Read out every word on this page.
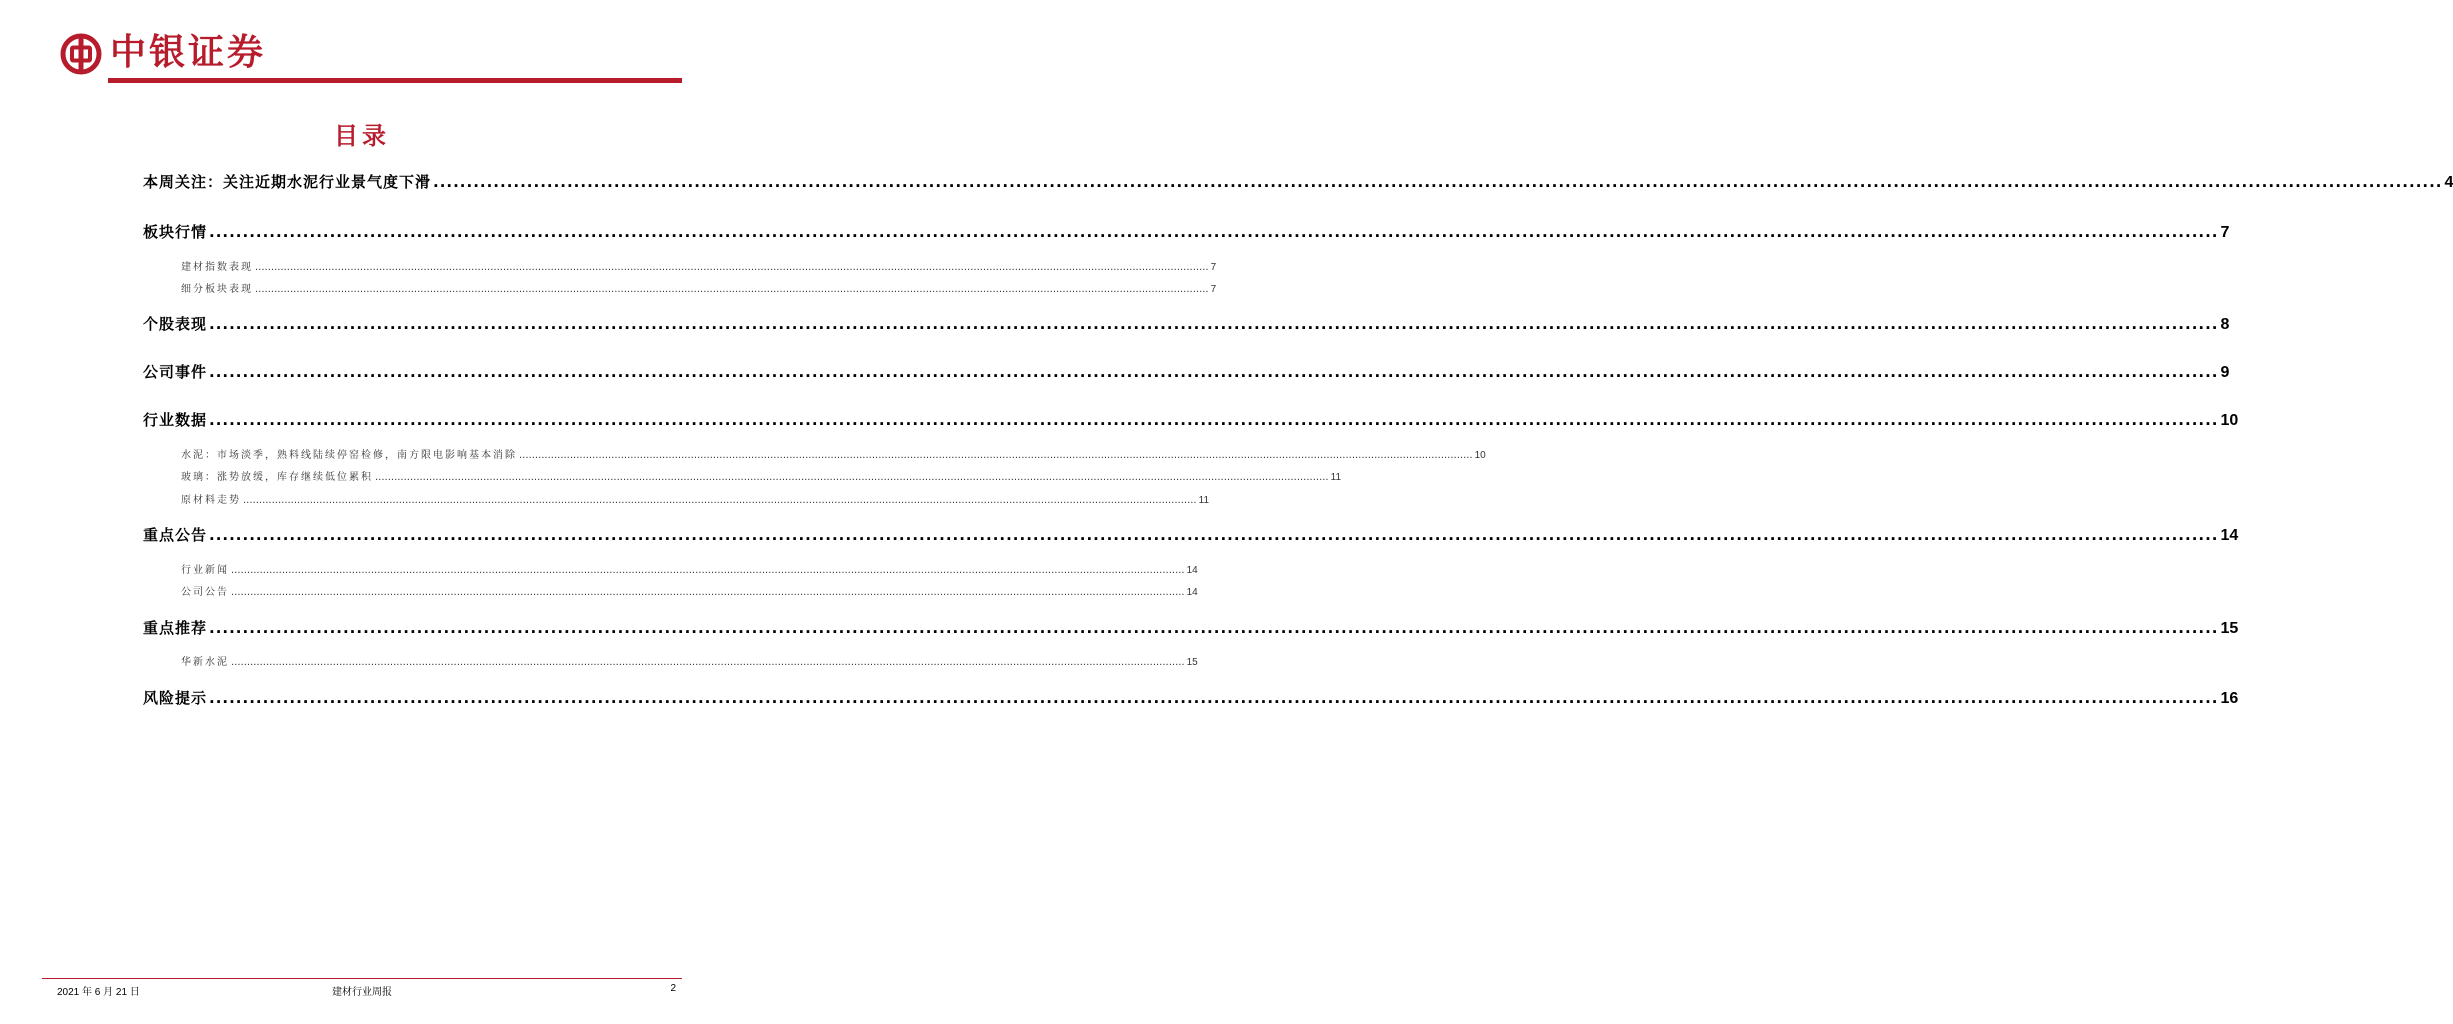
中银证券
目录
本周关注：关注近期水泥行业景气度下滑 ............................................................................................................................................................................................................................................................................................................ 4
板块行情 ............................................................................................................................................................................................................................................................................................................ 7
建材指数表现 ............................................................................................................................................................................................................................................................................................................ 7
细分板块表现 ............................................................................................................................................................................................................................................................................................................ 7
个股表现 ............................................................................................................................................................................................................................................................................................................ 8
公司事件 ............................................................................................................................................................................................................................................................................................................ 9
行业数据 ............................................................................................................................................................................................................................................................................................................ 10
水泥：市场淡季，熟料线陆续停窑检修，南方限电影响基本消除 ............................................................................................................................................................................................................................................................................................................ 10
玻璃：涨势放缓，库存继续低位累积 ............................................................................................................................................................................................................................................................................................................ 11
原材料走势 ............................................................................................................................................................................................................................................................................................................ 11
重点公告 ............................................................................................................................................................................................................................................................................................................ 14
行业新闻 ............................................................................................................................................................................................................................................................................................................ 14
公司公告 ............................................................................................................................................................................................................................................................................................................ 14
重点推荐 ............................................................................................................................................................................................................................................................................................................ 15
华新水泥 ............................................................................................................................................................................................................................................................................................................ 15
风险提示 ............................................................................................................................................................................................................................................................................................................ 16
2021 年 6 月 21 日	建材行业周报	2
